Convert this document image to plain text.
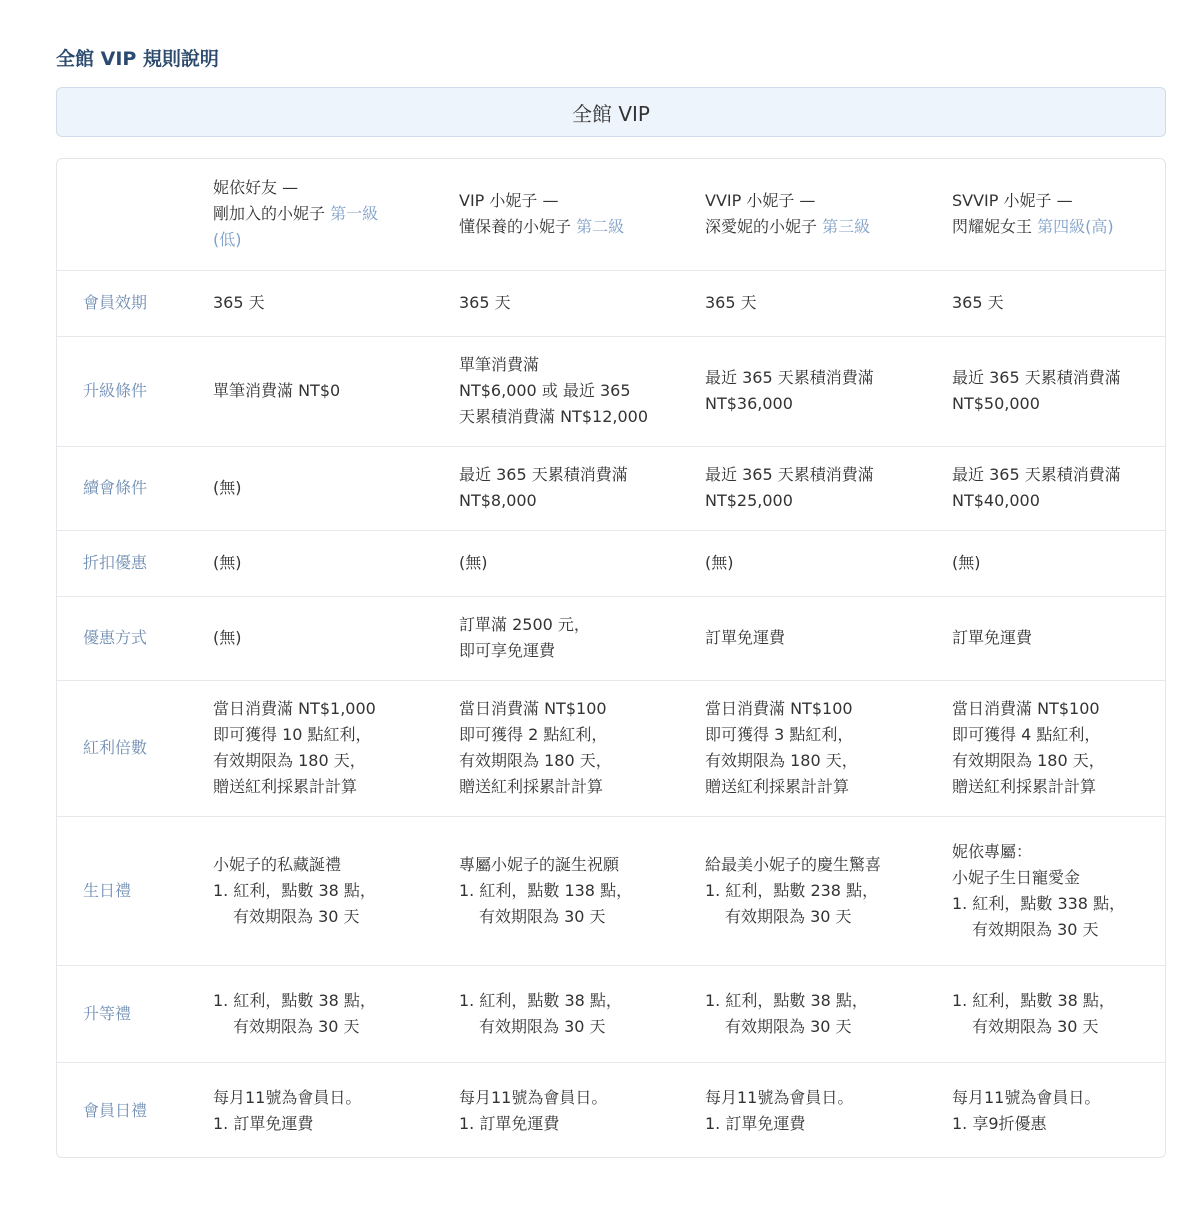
全館 VIP 規則說明
全館 VIP

	妮依好友 —
剛加入的小妮子 第一級
(低)	VIP 小妮子 —
懂保養的小妮子 第二級	VVIP 小妮子 —
深愛妮的小妮子 第三級	SVVIP 小妮子 —
閃耀妮女王 第四級(高)

會員效期	365 天	365 天	365 天	365 天

升級條件	單筆消費滿 NT$0	單筆消費滿
NT$6,000 或 最近 365
天累積消費滿 NT$12,000	最近 365 天累積消費滿
NT$36,000	最近 365 天累積消費滿
NT$50,000

續會條件	(無)	最近 365 天累積消費滿
NT$8,000	最近 365 天累積消費滿
NT$25,000	最近 365 天累積消費滿
NT$40,000

折扣優惠	(無)	(無)	(無)	(無)

優惠方式	(無)	訂單滿 2500 元，
即可享免運費	訂單免運費	訂單免運費

紅利倍數	當日消費滿 NT$1,000
即可獲得 10 點紅利，
有效期限為 180 天，
贈送紅利採累計計算	當日消費滿 NT$100
即可獲得 2 點紅利，
有效期限為 180 天，
贈送紅利採累計計算	當日消費滿 NT$100
即可獲得 3 點紅利，
有效期限為 180 天，
贈送紅利採累計計算	當日消費滿 NT$100
即可獲得 4 點紅利，
有效期限為 180 天，
贈送紅利採累計計算

生日禮	小妮子的私藏誕禮
1. 紅利，點數 38 點，
有效期限為 30 天	專屬小妮子的誕生祝願
1. 紅利，點數 138 點，
有效期限為 30 天	給最美小妮子的慶生驚喜
1. 紅利，點數 238 點，
有效期限為 30 天	妮依專屬：
小妮子生日寵愛金
1. 紅利，點數 338 點，
有效期限為 30 天

升等禮	1. 紅利，點數 38 點，
有效期限為 30 天	1. 紅利，點數 38 點，
有效期限為 30 天	1. 紅利，點數 38 點，
有效期限為 30 天	1. 紅利，點數 38 點，
有效期限為 30 天

會員日禮	每月11號為會員日。
1. 訂單免運費	每月11號為會員日。
1. 訂單免運費	每月11號為會員日。
1. 訂單免運費	每月11號為會員日。
1. 享9折優惠
